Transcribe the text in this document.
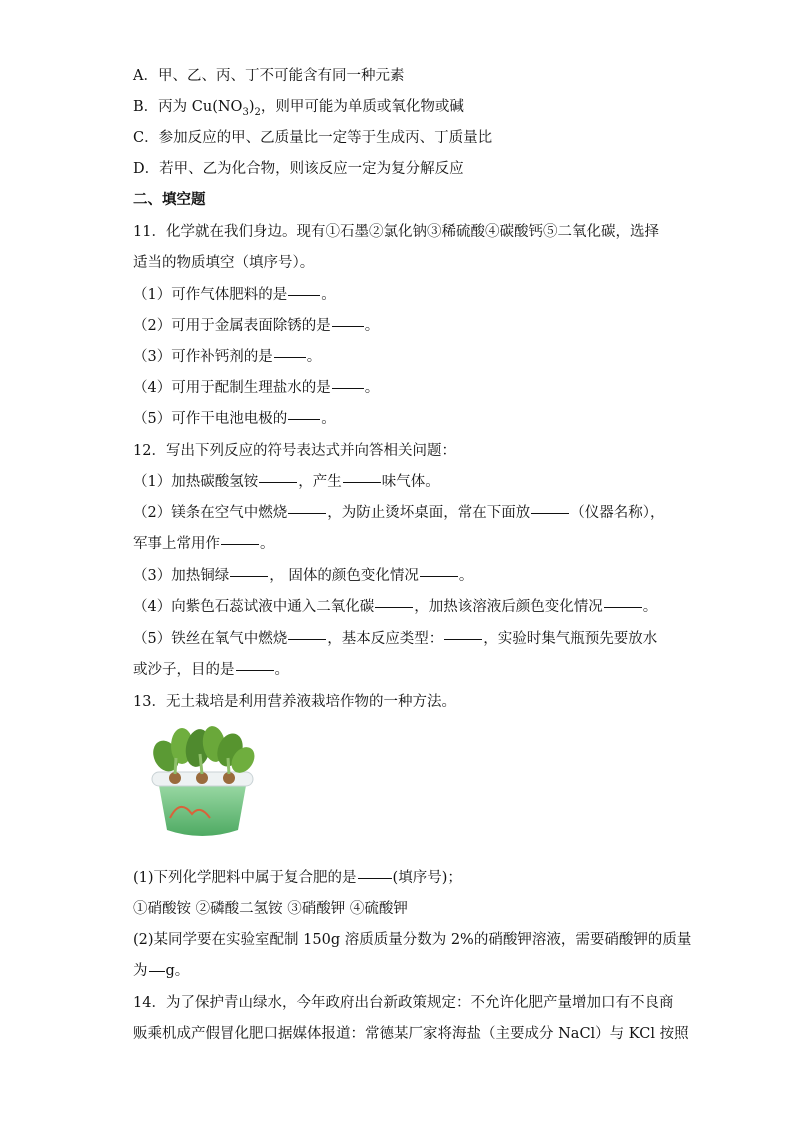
A．甲、乙、丙、丁不可能含有同一种元素
B．丙为 $Cu(NO_3)_2$，则甲可能为单质或氧化物或碱
C．参加反应的甲、乙质量比一定等于生成丙、丁质量比
D．若甲、乙为化合物，则该反应一定为复分解反应
二、填空题
11．化学就在我们身边。现有①石墨②氯化钠③稀硫酸④碳酸钙⑤二氧化碳，选择
适当的物质填空（填序号）。
（1）可作气体肥料的是 。
（2）可用于金属表面除锈的是 。
（3）可作补钙剂的是 。
（4）可用于配制生理盐水的是 。
（5）可作干电池电极的 。
12．写出下列反应的符号表达式并向答相关问题：
（1）加热碳酸氢铵	，产生	味气体。
（2）镁条在空气中燃烧	，为防止烫坏桌面，常在下面放	（仪器名称），
军事上常用作	。
（3）加热铜绿	， 固体的颜色变化情况	。
（4）向紫色石蕊试液中通入二氧化碳	，加热该溶液后颜色变化情况	。
（5）铁丝在氧气中燃烧	，基本反应类型：	，实验时集气瓶预先要放水
或沙子，目的是	。
13．无土栽培是利用营养液栽培作物的一种方法。
(1)下列化学肥料中属于复合肥的是 (填序号)；
①硝酸铵 ②磷酸二氢铵 ③硝酸钾 ④硫酸钾
(2)某同学要在实验室配制 150g 溶质质量分数为 2%的硝酸钾溶液，需要硝酸钾的质量
为 g。
14．为了保护青山绿水，今年政府出台新政策规定：不允许化肥产量增加口有不良商
贩乘机成产假冒化肥口据媒体报道：常德某厂家将海盐（主要成分 NaCl）与 KCl 按照
